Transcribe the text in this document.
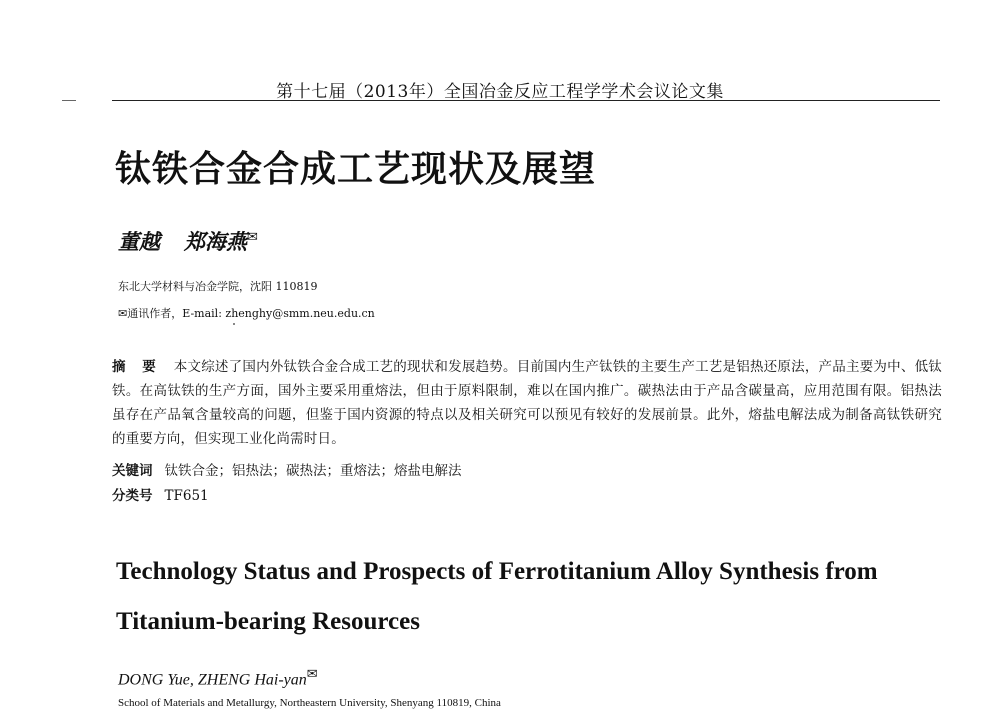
第十七届（2013年）全国冶金反应工程学学术会议论文集
钛铁合金合成工艺现状及展望
董越 郑海燕✉
东北大学材料与冶金学院，沈阳 110819
✉通讯作者，E-mail: zhenghy@smm.neu.edu.cn
摘 要 本文综述了国内外钛铁合金合成工艺的现状和发展趋势。目前国内生产钛铁的主要生产工艺是铝热还原法，产品主要为中、低钛铁。在高钛铁的生产方面，国外主要采用重熔法，但由于原料限制，难以在国内推广。碳热法由于产品含碳量高，应用范围有限。铝热法虽存在产品氧含量较高的问题，但鉴于国内资源的特点以及相关研究可以预见有较好的发展前景。此外，熔盐电解法成为制备高钛铁研究的重要方向，但实现工业化尚需时日。
关键词 钛铁合金；铝热法；碳热法；重熔法；熔盐电解法
分类号 TF651
Technology Status and Prospects of Ferrotitanium Alloy Synthesis from Titanium-bearing Resources
DONG Yue, ZHENG Hai-yan✉
School of Materials and Metallurgy, Northeastern University, Shenyang 110819, China
